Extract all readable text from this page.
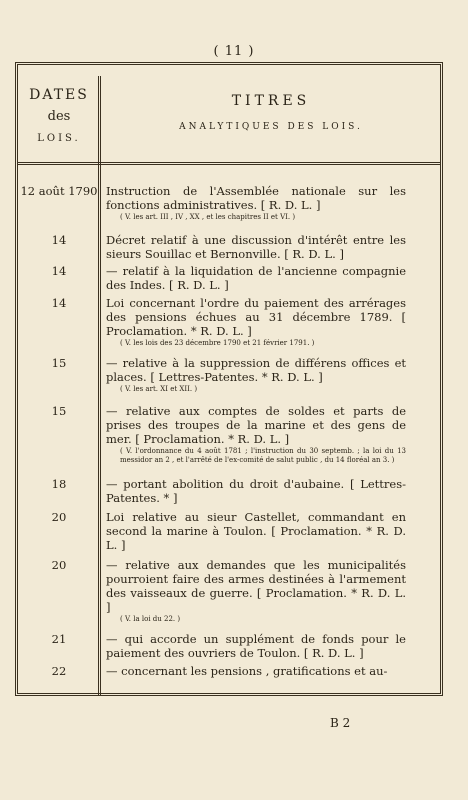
( 11 )
DATES
des
LOIS.
TITRES
ANALYTIQUES DES LOIS.
12 août 1790 Instruction de l'Assemblée nationale sur les fonctions administratives. [ R. D. L. ]
( V. les art. III , IV , XX , et les chapitres II et VI. )
14	Décret relatif à une discussion d'intérêt entre les sieurs Souillac et Bernonville. [ R. D. L. ]
14	— relatif à la liquidation de l'ancienne compagnie des Indes. [ R. D. L. ]
14	Loi concernant l'ordre du paiement des arrérages des pensions échues au 31 décembre 1789. [ Proclamation. * R. D. L. ]
( V. les lois des 23 décembre 1790 et 21 février 1791. )
15	— relative à la suppression de différens offices et places. [ Lettres-Patentes. * R. D. L. ]
( V. les art. XI et XII. )
15	— relative aux comptes de soldes et parts de prises des troupes de la marine et des gens de mer. [ Proclamation. * R. D. L. ]
( V. l'ordonnance du 4 août 1781 ; l'instruction du 30 septemb. ; la loi du 13 messidor an 2 , et l'arrêté de l'ex-comité de salut public , du 14 floréal an 3. )
18	— portant abolition du droit d'aubaine. [ Lettres-Patentes. * ]
20	Loi relative au sieur Castellet, commandant en second la marine à Toulon. [ Proclamation. * R. D. L. ]
20	— relative aux demandes que les municipalités pourroient faire des armes destinées à l'armement des vaisseaux de guerre. [ Proclamation. * R. D. L. ]
( V. la loi du 22. )
21	— qui accorde un supplément de fonds pour le paiement des ouvriers de Toulon. [ R. D. L. ]
22	— concernant les pensions , gratifications et au-
B 2
